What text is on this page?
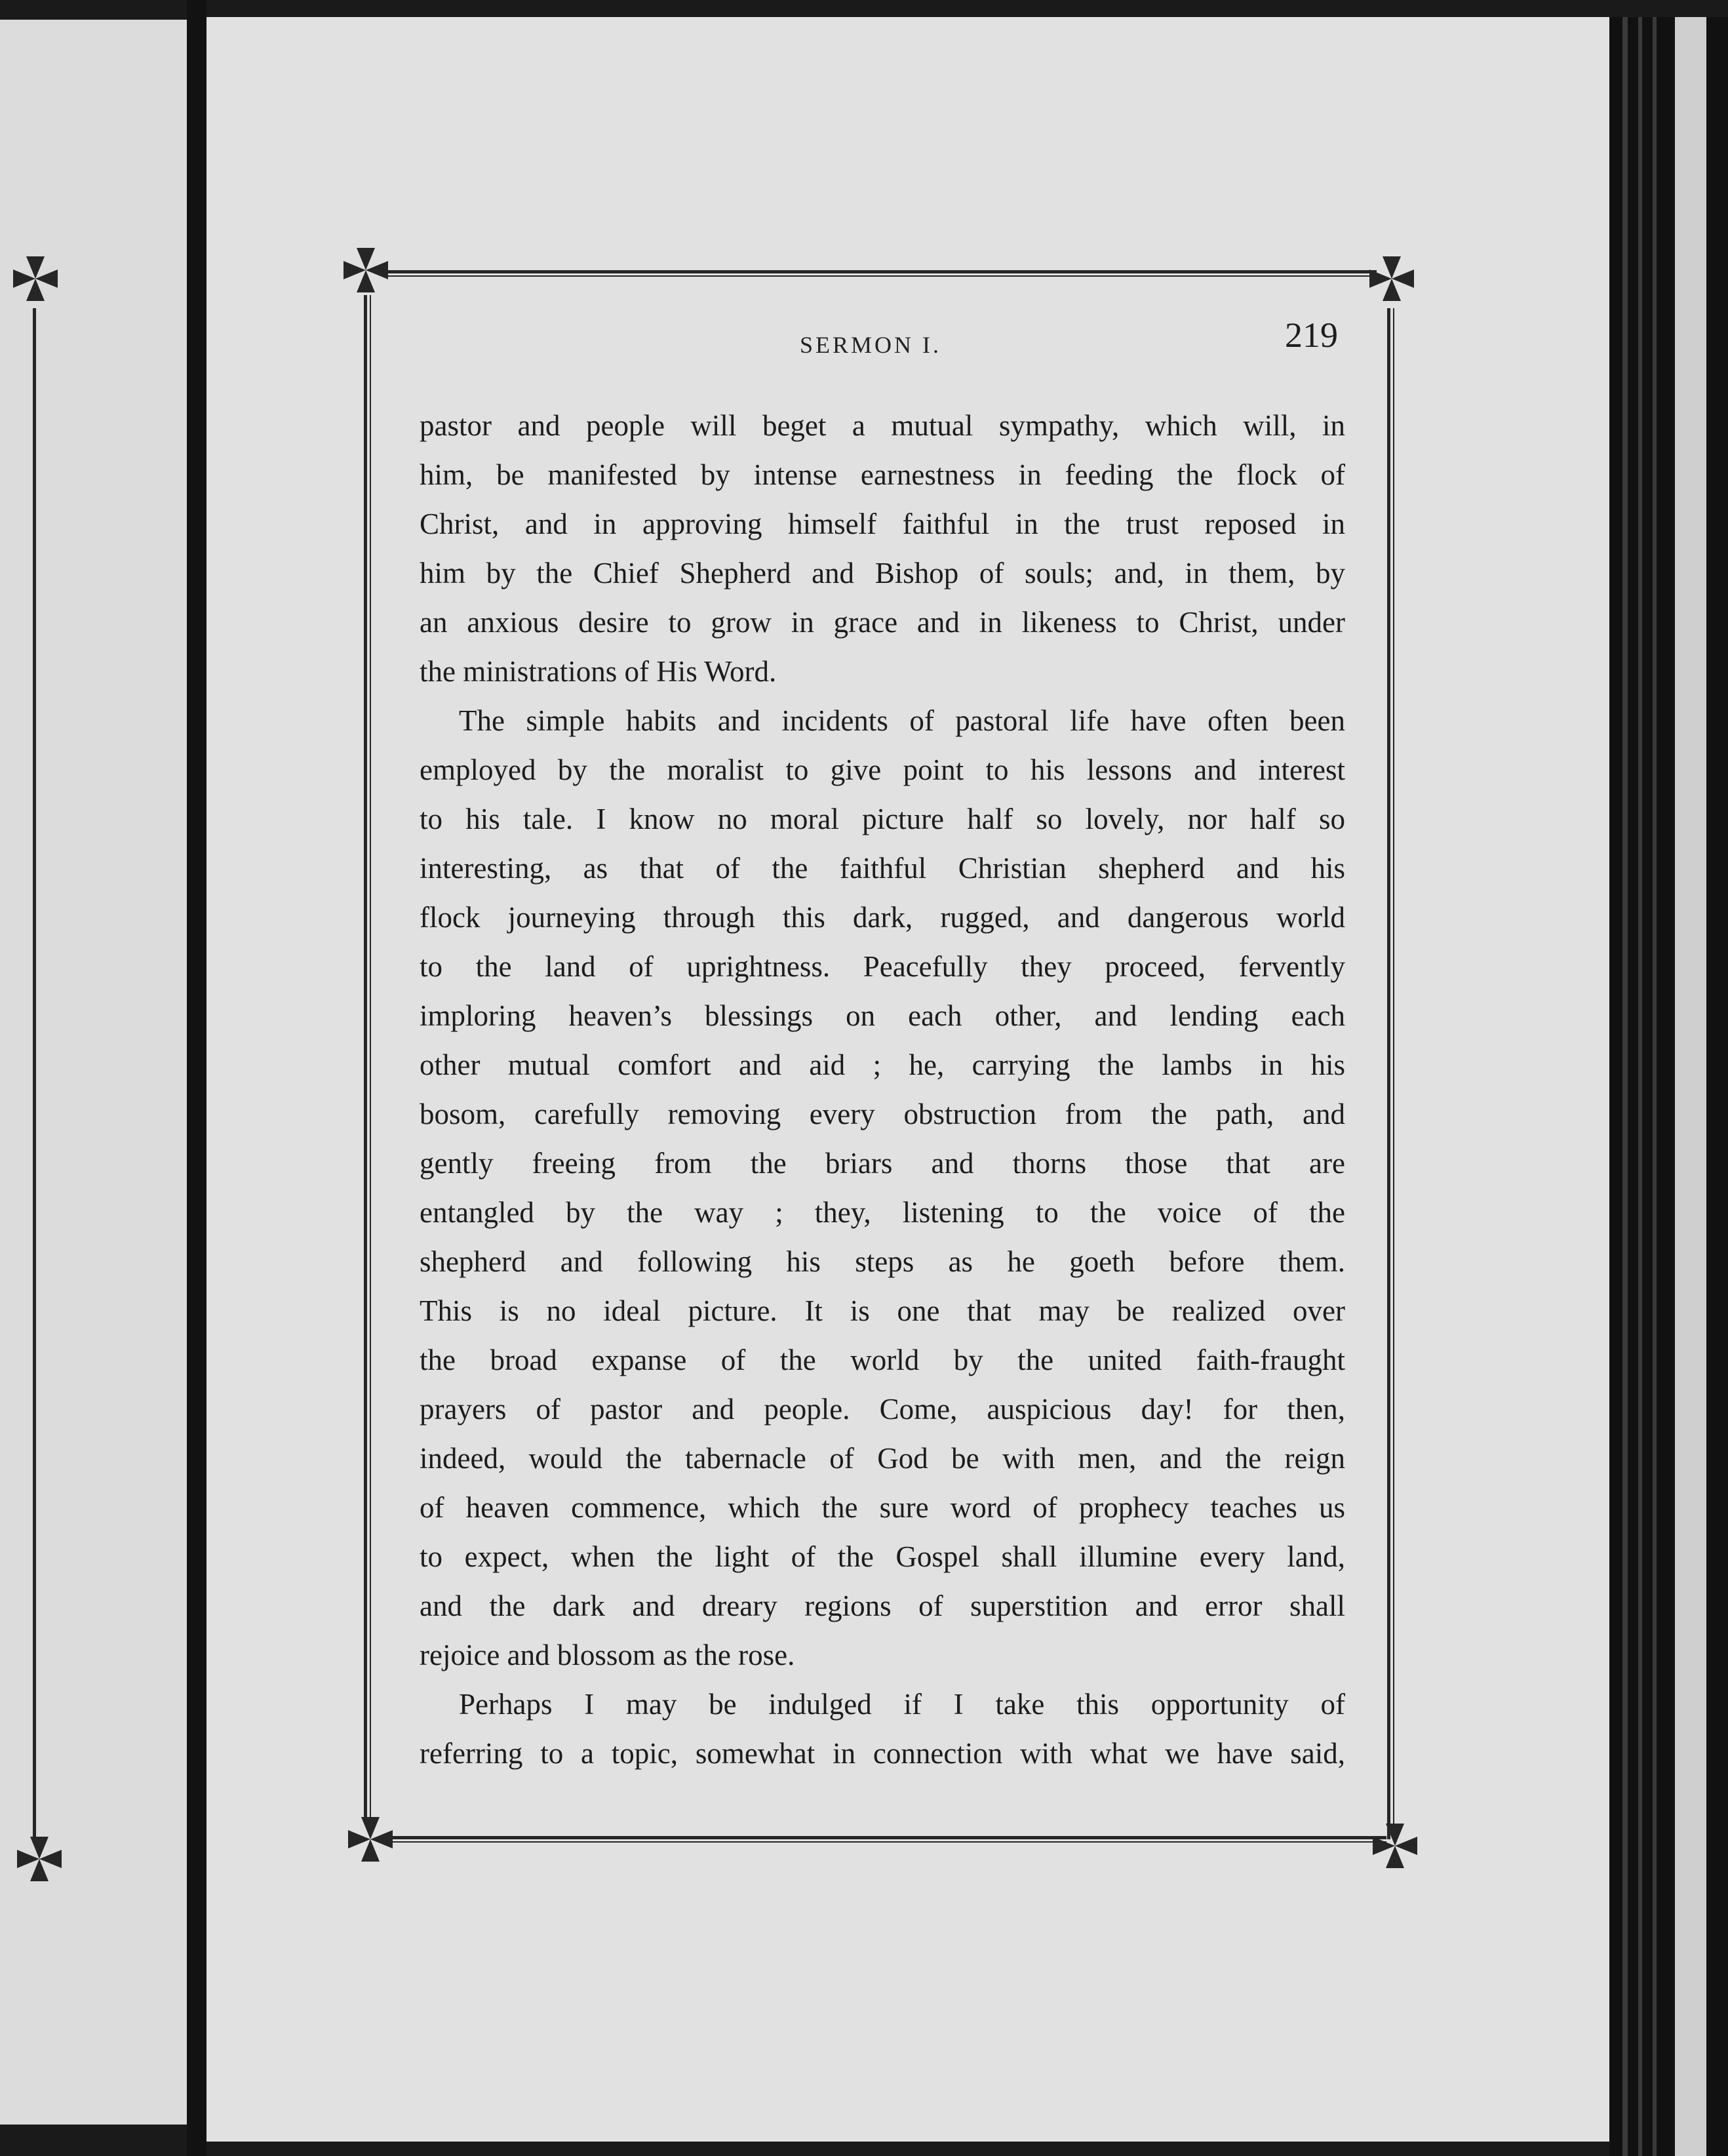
SERMON I.	219
pastor and people will beget a mutual sympathy, which will, in
him, be manifested by intense earnestness in feeding the flock of
Christ, and in approving himself faithful in the trust reposed in
him by the Chief Shepherd and Bishop of souls; and, in them, by
an anxious desire to grow in grace and in likeness to Christ, under
the ministrations of His Word.
The simple habits and incidents of pastoral life have often been
employed by the moralist to give point to his lessons and interest
to his tale. I know no moral picture half so lovely, nor half so
interesting, as that of the faithful Christian shepherd and his
flock journeying through this dark, rugged, and dangerous world
to the land of uprightness. Peacefully they proceed, fervently
imploring heaven’s blessings on each other, and lending each
other mutual comfort and aid ; he, carrying the lambs in his
bosom, carefully removing every obstruction from the path, and
gently freeing from the briars and thorns those that are
entangled by the way ; they, listening to the voice of the
shepherd and following his steps as he goeth before them.
This is no ideal picture. It is one that may be realized over
the broad expanse of the world by the united faith-fraught
prayers of pastor and people. Come, auspicious day! for then,
indeed, would the tabernacle of God be with men, and the reign
of heaven commence, which the sure word of prophecy teaches us
to expect, when the light of the Gospel shall illumine every land,
and the dark and dreary regions of superstition and error shall
rejoice and blossom as the rose.
Perhaps I may be indulged if I take this opportunity of
referring to a topic, somewhat in connection with what we have said,
